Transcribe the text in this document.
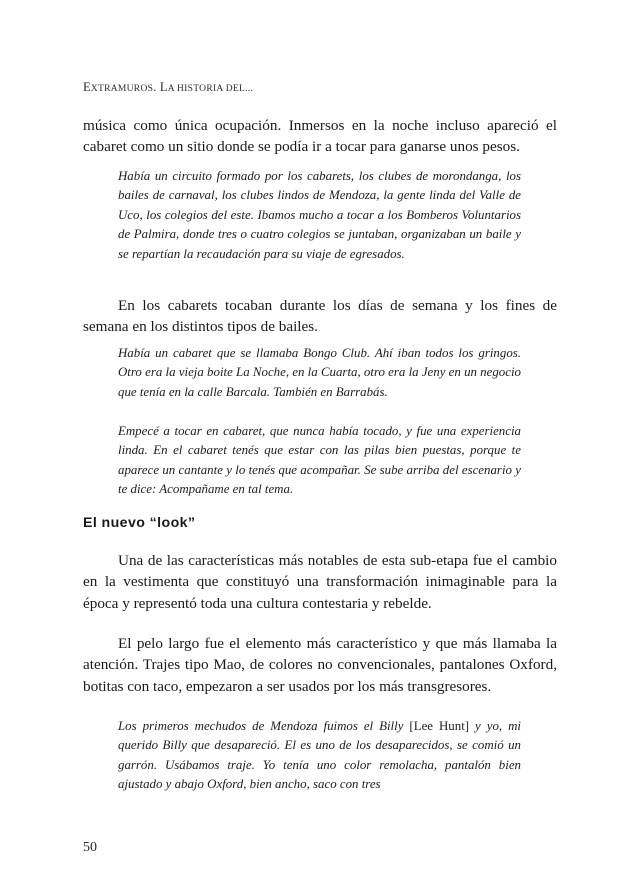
EXTRAMUROS. LA HISTORIA DEL...

música como única ocupación. Inmersos en la noche incluso apareció el cabaret como un sitio donde se podía ir a tocar para ganarse unos pesos.

Había un circuito formado por los cabarets, los clubes de morondanga, los bailes de carnaval, los clubes lindos de Mendoza, la gente linda del Valle de Uco, los colegios del este. Ibamos mucho a tocar a los Bomberos Voluntarios de Palmira, donde tres o cuatro colegios se juntaban, organizaban un baile y se repartían la recaudación para su viaje de egresados.

En los cabarets tocaban durante los días de semana y los fines de semana en los distintos tipos de bailes.

Había un cabaret que se llamaba Bongo Club. Ahí iban todos los gringos. Otro era la vieja boite La Noche, en la Cuarta, otro era la Jeny en un negocio que tenía en la calle Barcala. También en Barrabás.

Empecé a tocar en cabaret, que nunca había tocado, y fue una experiencia linda. En el cabaret tenés que estar con las pilas bien puestas, porque te aparece un cantante y lo tenés que acompañar. Se sube arriba del escenario y te dice: Acompañame en tal tema.

El nuevo “look”

Una de las características más notables de esta sub-etapa fue el cambio en la vestimenta que constituyó una transformación inimaginable para la época y representó toda una cultura contestaria y rebelde.

El pelo largo fue el elemento más característico y que más llamaba la atención. Trajes tipo Mao, de colores no convencionales, pantalones Oxford, botitas con taco, empezaron a ser usados por los más transgresores.

Los primeros mechudos de Mendoza fuimos el Billy [Lee Hunt] y yo, mi querido Billy que desapareció. El es uno de los desaparecidos, se comió un garrón. Usábamos traje. Yo tenía uno color remolacha, pantalón bien ajustado y abajo Oxford, bien ancho, saco con tres

50
